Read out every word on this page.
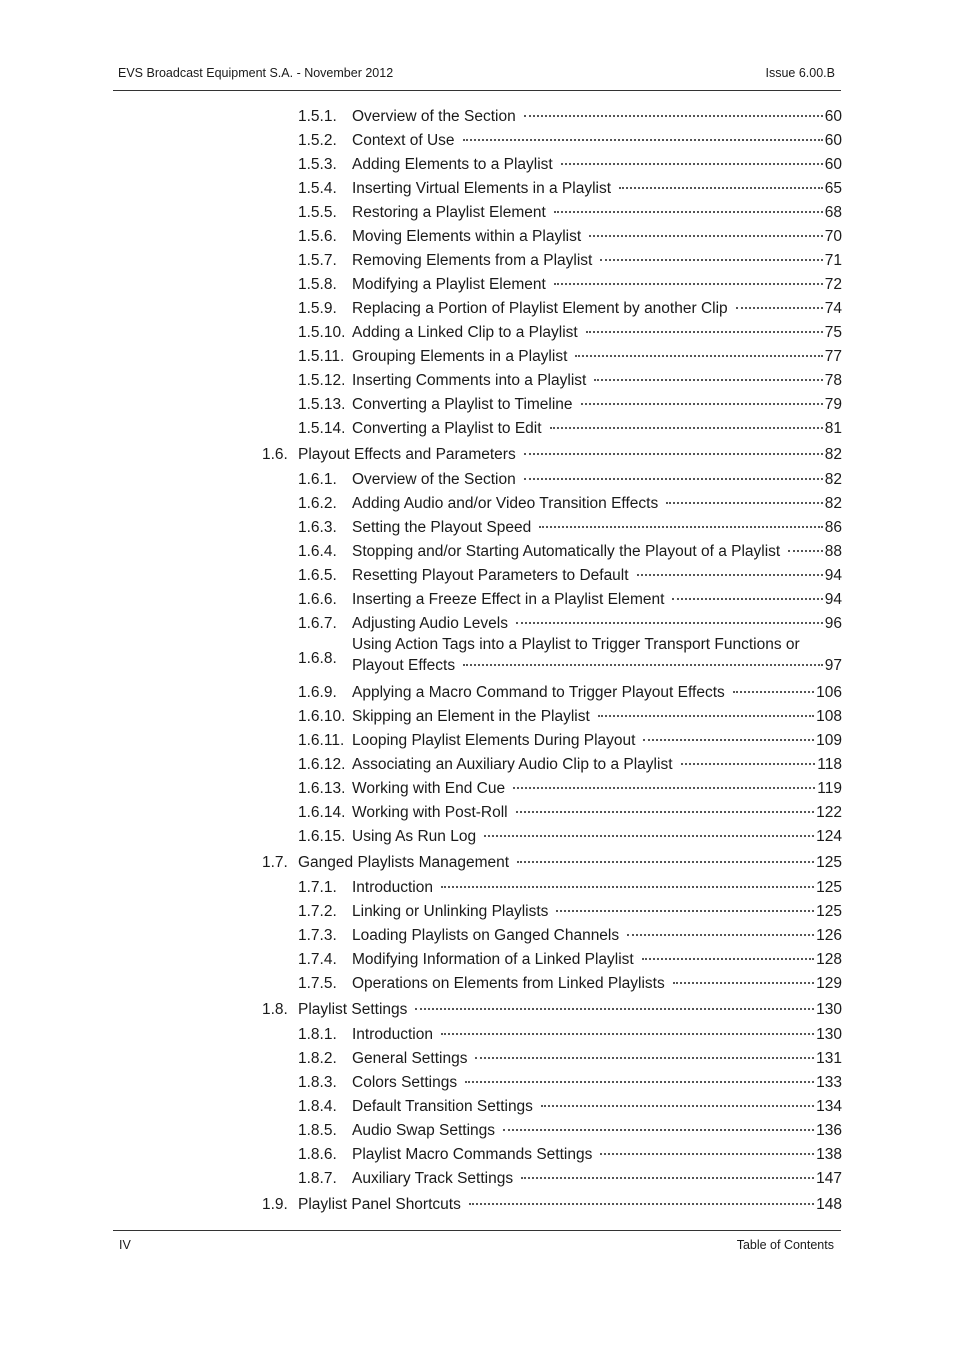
EVS Broadcast Equipment S.A. - November 2012	Issue 6.00.B
1.5.1. Overview of the Section	60
1.5.2. Context of Use	60
1.5.3. Adding Elements to a Playlist	60
1.5.4. Inserting Virtual Elements in a Playlist	65
1.5.5. Restoring a Playlist Element	68
1.5.6. Moving Elements within a Playlist	70
1.5.7. Removing Elements from a Playlist	71
1.5.8. Modifying a Playlist Element	72
1.5.9. Replacing a Portion of Playlist Element by another Clip	74
1.5.10. Adding a Linked Clip to a Playlist	75
1.5.11. Grouping Elements in a Playlist	77
1.5.12. Inserting Comments into a Playlist	78
1.5.13. Converting a Playlist to Timeline	79
1.5.14. Converting a Playlist to Edit	81
1.6. Playout Effects and Parameters	82
1.6.1. Overview of the Section	82
1.6.2. Adding Audio and/or Video Transition Effects	82
1.6.3. Setting the Playout Speed	86
1.6.4. Stopping and/or Starting Automatically the Playout of a Playlist	88
1.6.5. Resetting Playout Parameters to Default	94
1.6.6. Inserting a Freeze Effect in a Playlist Element	94
1.6.7. Adjusting Audio Levels	96
1.6.8.
Using Action Tags into a Playlist to Trigger Transport Functions or
Playout Effects	97
1.6.9. Applying a Macro Command to Trigger Playout Effects	106
1.6.10. Skipping an Element in the Playlist	108
1.6.11. Looping Playlist Elements During Playout	109
1.6.12. Associating an Auxiliary Audio Clip to a Playlist	118
1.6.13. Working with End Cue	119
1.6.14. Working with Post-Roll	122
1.6.15. Using As Run Log	124
1.7. Ganged Playlists Management	125
1.7.1. Introduction	125
1.7.2. Linking or Unlinking Playlists	125
1.7.3. Loading Playlists on Ganged Channels	126
1.7.4. Modifying Information of a Linked Playlist	128
1.7.5. Operations on Elements from Linked Playlists	129
1.8. Playlist Settings	130
1.8.1. Introduction	130
1.8.2. General Settings	131
1.8.3. Colors Settings	133
1.8.4. Default Transition Settings	134
1.8.5. Audio Swap Settings	136
1.8.6. Playlist Macro Commands Settings	138
1.8.7. Auxiliary Track Settings	147
1.9. Playlist Panel Shortcuts	148
IV	Table of Contents
